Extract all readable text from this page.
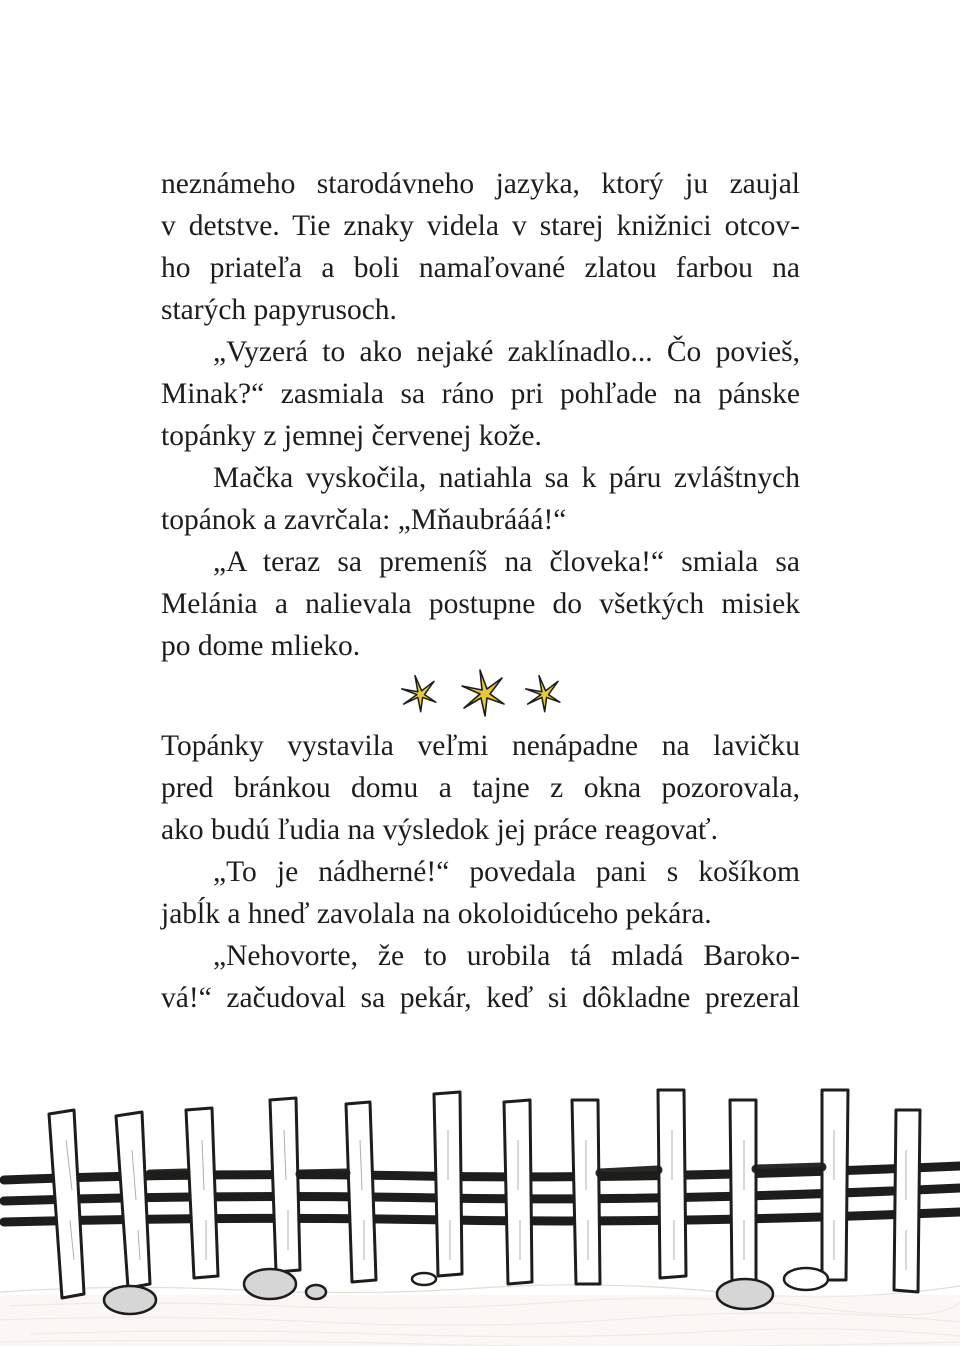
neznámeho starodávneho jazyka, ktorý ju zaujal
v detstve. Tie znaky videla v starej knižnici otcov-
ho priateľa a boli namaľované zlatou farbou na
starých papyrusoch.

„Vyzerá to ako nejaké zaklínadlo... Čo povieš,
Minak?“ zasmiala sa ráno pri pohľade na pánske
topánky z jemnej červenej kože.

Mačka vyskočila, natiahla sa k páru zvláštnych
topánok a zavrčala: „Mňaubrááá!“

„A teraz sa premeníš na človeka!“ smiala sa
Melánia a nalievala postupne do všetkých misiek
po dome mlieko.

Topánky vystavila veľmi nenápadne na lavičku
pred bránkou domu a tajne z okna pozorovala,
ako budú ľudia na výsledok jej práce reagovať.

„To je nádherné!“ povedala pani s košíkom
jabĺk a hneď zavolala na okoloidúceho pekára.

„Nehovorte, že to urobila tá mladá Baroko-
vá!“ začudoval sa pekár, keď si dôkladne prezeral
